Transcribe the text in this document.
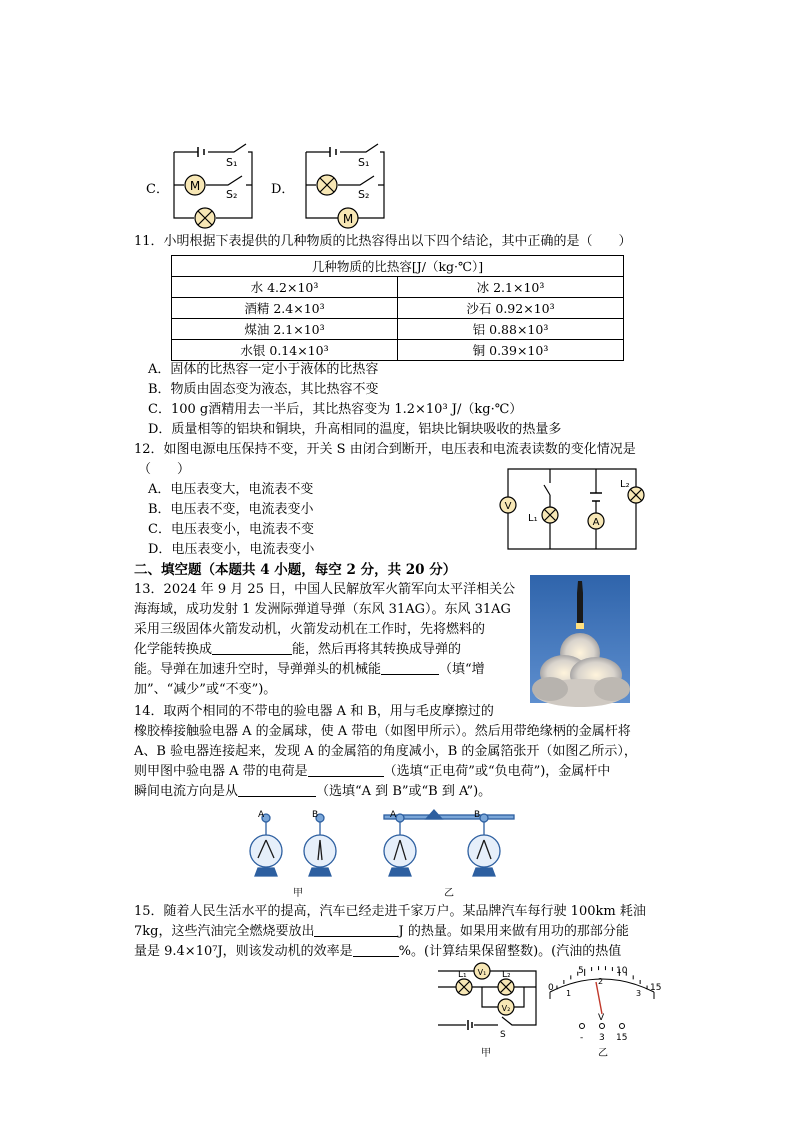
C． M
S₁
S₂	D．
M
S₁
S₂
11．小明根据下表提供的几种物质的比热容得出以下四个结论，其中正确的是（　　）
几种物质的比热容[J/（kg·℃）]	
水 4.2×10³	冰 2.1×10³
酒精 2.4×10³	沙石 0.92×10³
煤油 2.1×10³	铝 0.88×10³
水银 0.14×10³	铜 0.39×10³
A．固体的比热容一定小于液体的比热容
B．物质由固态变为液态，其比热容不变
C．100 g酒精用去一半后，其比热容变为 1.2×10³ J/（kg·℃）
D．质量相等的铝块和铜块，升高相同的温度，铝块比铜块吸收的热量多
12．如图电源电压保持不变，开关 S 由闭合到断开，电压表和电流表读数的变化情况是
（　　）
A．电压表变大，电流表不变
B．电压表不变，电流表变小
C．电压表变小，电流表不变
D．电压表变小，电流表变小
V
A
L₁
L₂
二、填空题（本题共 4 小题，每空 2 分，共 20 分）
13．2024 年 9 月 25 日，中国人民解放军火箭军向太平洋相关公
海海域，成功发射 1 发洲际弹道导弹（东风 31AG）。东风 31AG
采用三级固体火箭发动机，火箭发动机在工作时，先将燃料的
化学能转换成	能，然后再将其转换成导弹的
能。导弹在加速升空时，导弹弹头的机械能	（填“增
加”、“减少”或“不变”)。
14．取两个相同的不带电的验电器 A 和 B，用与毛皮摩擦过的
橡胶棒接触验电器 A 的金属球，使 A 带电（如图甲所示）。然后用带绝缘柄的金属杆将
A、B 验电器连接起来，发现 A 的金属箔的角度减小，B 的金属箔张开（如图乙所示），
则甲图中验电器 A 带的电荷是	（选填“正电荷”或“负电荷”)，金属杆中
瞬间电流方向是从	（选填“A 到 B”或“B 到 A”)。
A	B	A	B
甲	乙
15．随着人民生活水平的提高，汽车已经走进千家万户。某品牌汽车每行驶 100km 耗油
7kg，这些汽油完全燃烧要放出	J 的热量。如果用来做有用功的那部分能
量是 9.4×10⁷J，则该发动机的效率是	%。(计算结果保留整数)。(汽油的热值
V₁
V₂
L₁	L₂
S
甲
0
5	10
15
1
2
3
V
- 3 15
乙
